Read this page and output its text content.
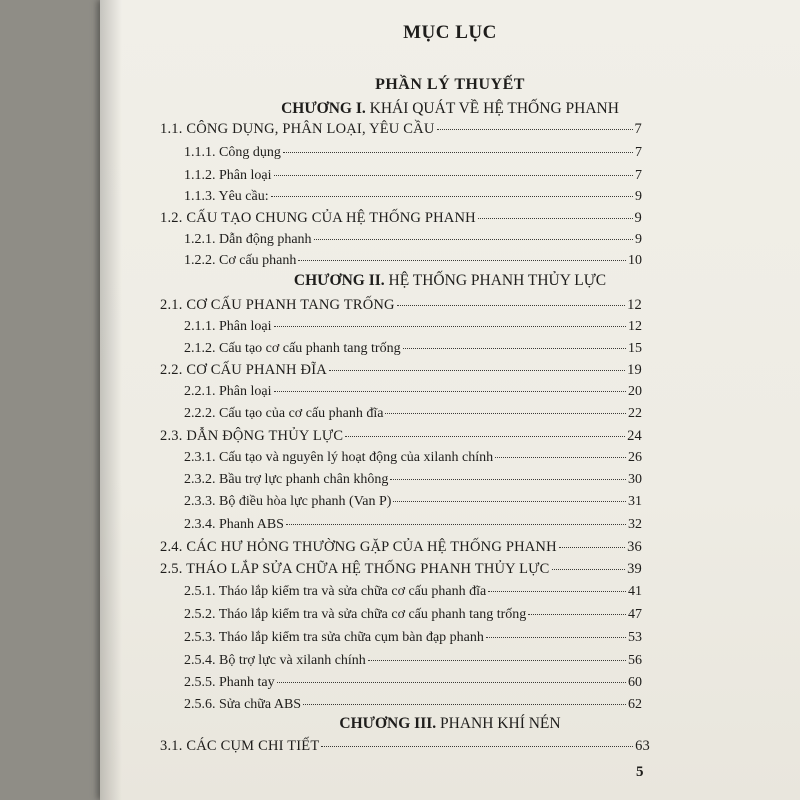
MỤC LỤC
PHẦN LÝ THUYẾT
CHƯƠNG I. KHÁI QUÁT VỀ HỆ THỐNG PHANH
1.1. CÔNG DỤNG, PHÂN LOẠI, YÊU CẦU	7
1.1.1. Công dụng	7
1.1.2. Phân loại	7
1.1.3. Yêu cầu:	9
1.2. CẤU TẠO CHUNG CỦA HỆ THỐNG PHANH	9
1.2.1. Dẫn động phanh	9
1.2.2. Cơ cấu phanh	10
CHƯƠNG II. HỆ THỐNG PHANH THỦY LỰC
2.1. CƠ CẤU PHANH TANG TRỐNG	12
2.1.1. Phân loại	12
2.1.2. Cấu tạo cơ cấu phanh tang trống	15
2.2. CƠ CẤU PHANH ĐĨA	19
2.2.1. Phân loại	20
2.2.2. Cấu tạo của cơ cấu phanh đĩa	22
2.3. DẪN ĐỘNG THỦY LỰC	24
2.3.1. Cấu tạo và nguyên lý hoạt động của xilanh chính	26
2.3.2. Bầu trợ lực phanh chân không	30
2.3.3. Bộ điều hòa lực phanh (Van P)	31
2.3.4. Phanh ABS	32
2.4. CÁC HƯ HỎNG THƯỜNG GẶP CỦA HỆ THỐNG PHANH	36
2.5. THÁO LẮP SỬA CHỮA HỆ THỐNG PHANH THỦY LỰC	39
2.5.1. Tháo lắp kiểm tra và sửa chữa cơ cấu phanh đĩa	41
2.5.2. Tháo lắp kiểm tra và sửa chữa cơ cấu phanh tang trống	47
2.5.3. Tháo lắp kiểm tra sửa chữa cụm bàn đạp phanh	53
2.5.4. Bộ trợ lực và xilanh chính	56
2.5.5. Phanh tay	60
2.5.6. Sửa chữa ABS	62
CHƯƠNG III. PHANH KHÍ NÉN
3.1. CÁC CỤM CHI TIẾT	63
5
